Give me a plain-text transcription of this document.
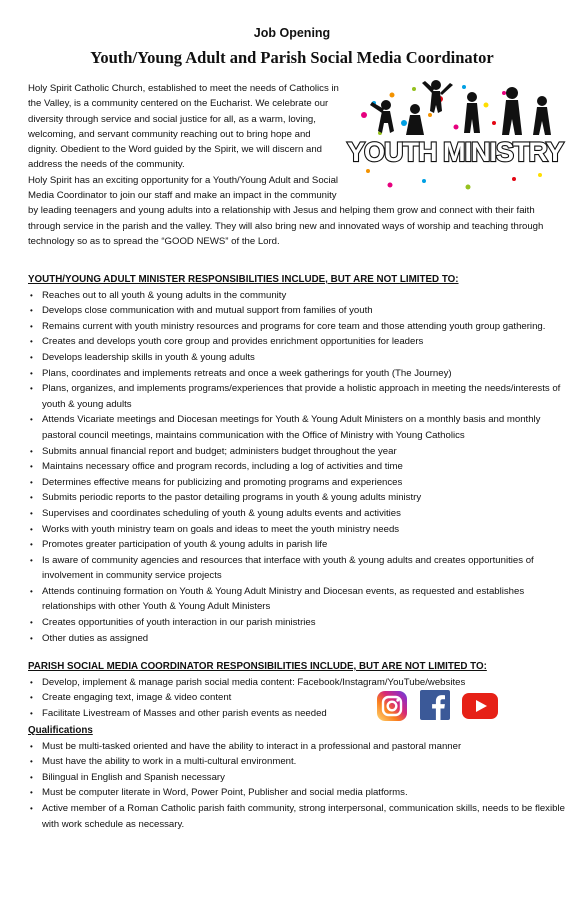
Job Opening
Youth/Young Adult and Parish Social Media Coordinator
YOUTH MINISTRY

Holy Spirit Catholic Church, established to meet the needs of Catholics in the Valley, is a community centered on the Eucharist. We celebrate our diversity through service and social justice for all, as a warm, loving, welcoming, and servant community reaching out to bring hope and dignity. Obedient to the Word guided by the Spirit, we will discern and address the needs of the community.

Holy Spirit has an exciting opportunity for a Youth/Young Adult and Social Media Coordinator to join our staff and make an impact in the community by leading teenagers and young adults into a relationship with Jesus and helping them grow and connect with their faith through service in the parish and the valley. They will also bring new and innovated ways of worship and teaching through technology so as to spread the “GOOD NEWS” of the Lord.

YOUTH/YOUNG ADULT MINISTER RESPONSIBILITIES INCLUDE, BUT ARE NOT LIMITED TO:
• Reaches out to all youth & young adults in the community
• Develops close communication with and mutual support from families of youth
• Remains current with youth ministry resources and programs for core team and those attending youth group gathering.
• Creates and develops youth core group and provides enrichment opportunities for leaders
• Develops leadership skills in youth & young adults
• Plans, coordinates and implements retreats and once a week gatherings for youth (The Journey)
• Plans, organizes, and implements programs/experiences that provide a holistic approach in meeting the needs/interests of youth & young adults
• Attends Vicariate meetings and Diocesan meetings for Youth & Young Adult Ministers on a monthly basis and monthly pastoral council meetings, maintains communication with the Office of Ministry with Young Catholics
• Submits annual financial report and budget; administers budget throughout the year
• Maintains necessary office and program records, including a log of activities and time
• Determines effective means for publicizing and promoting programs and experiences
• Submits periodic reports to the pastor detailing programs in youth & young adults ministry
• Supervises and coordinates scheduling of youth & young adults events and activities
• Works with youth ministry team on goals and ideas to meet the youth ministry needs
• Promotes greater participation of youth & young adults in parish life
• Is aware of community agencies and resources that interface with youth & young adults and creates opportunities of involvement in community service projects
• Attends continuing formation on Youth & Young Adult Ministry and Diocesan events, as requested and establishes relationships with other Youth & Young Adult Ministers
• Creates opportunities of youth interaction in our parish ministries
• Other duties as assigned
PARISH SOCIAL MEDIA COORDINATOR RESPONSIBILITIES INCLUDE, BUT ARE NOT LIMITED TO:
• Develop, implement & manage parish social media content: Facebook/Instagram/YouTube/websites
• Create engaging text, image & video content
• Facilitate Livestream of Masses and other parish events as needed
Qualifications
• Must be multi-tasked oriented and have the ability to interact in a professional and pastoral manner
• Must have the ability to work in a multi-cultural environment.
• Bilingual in English and Spanish necessary
• Must be computer literate in Word, Power Point, Publisher and social media platforms.
• Active member of a Roman Catholic parish faith community, strong interpersonal, communication skills, needs to be flexible with work schedule as necessary.
